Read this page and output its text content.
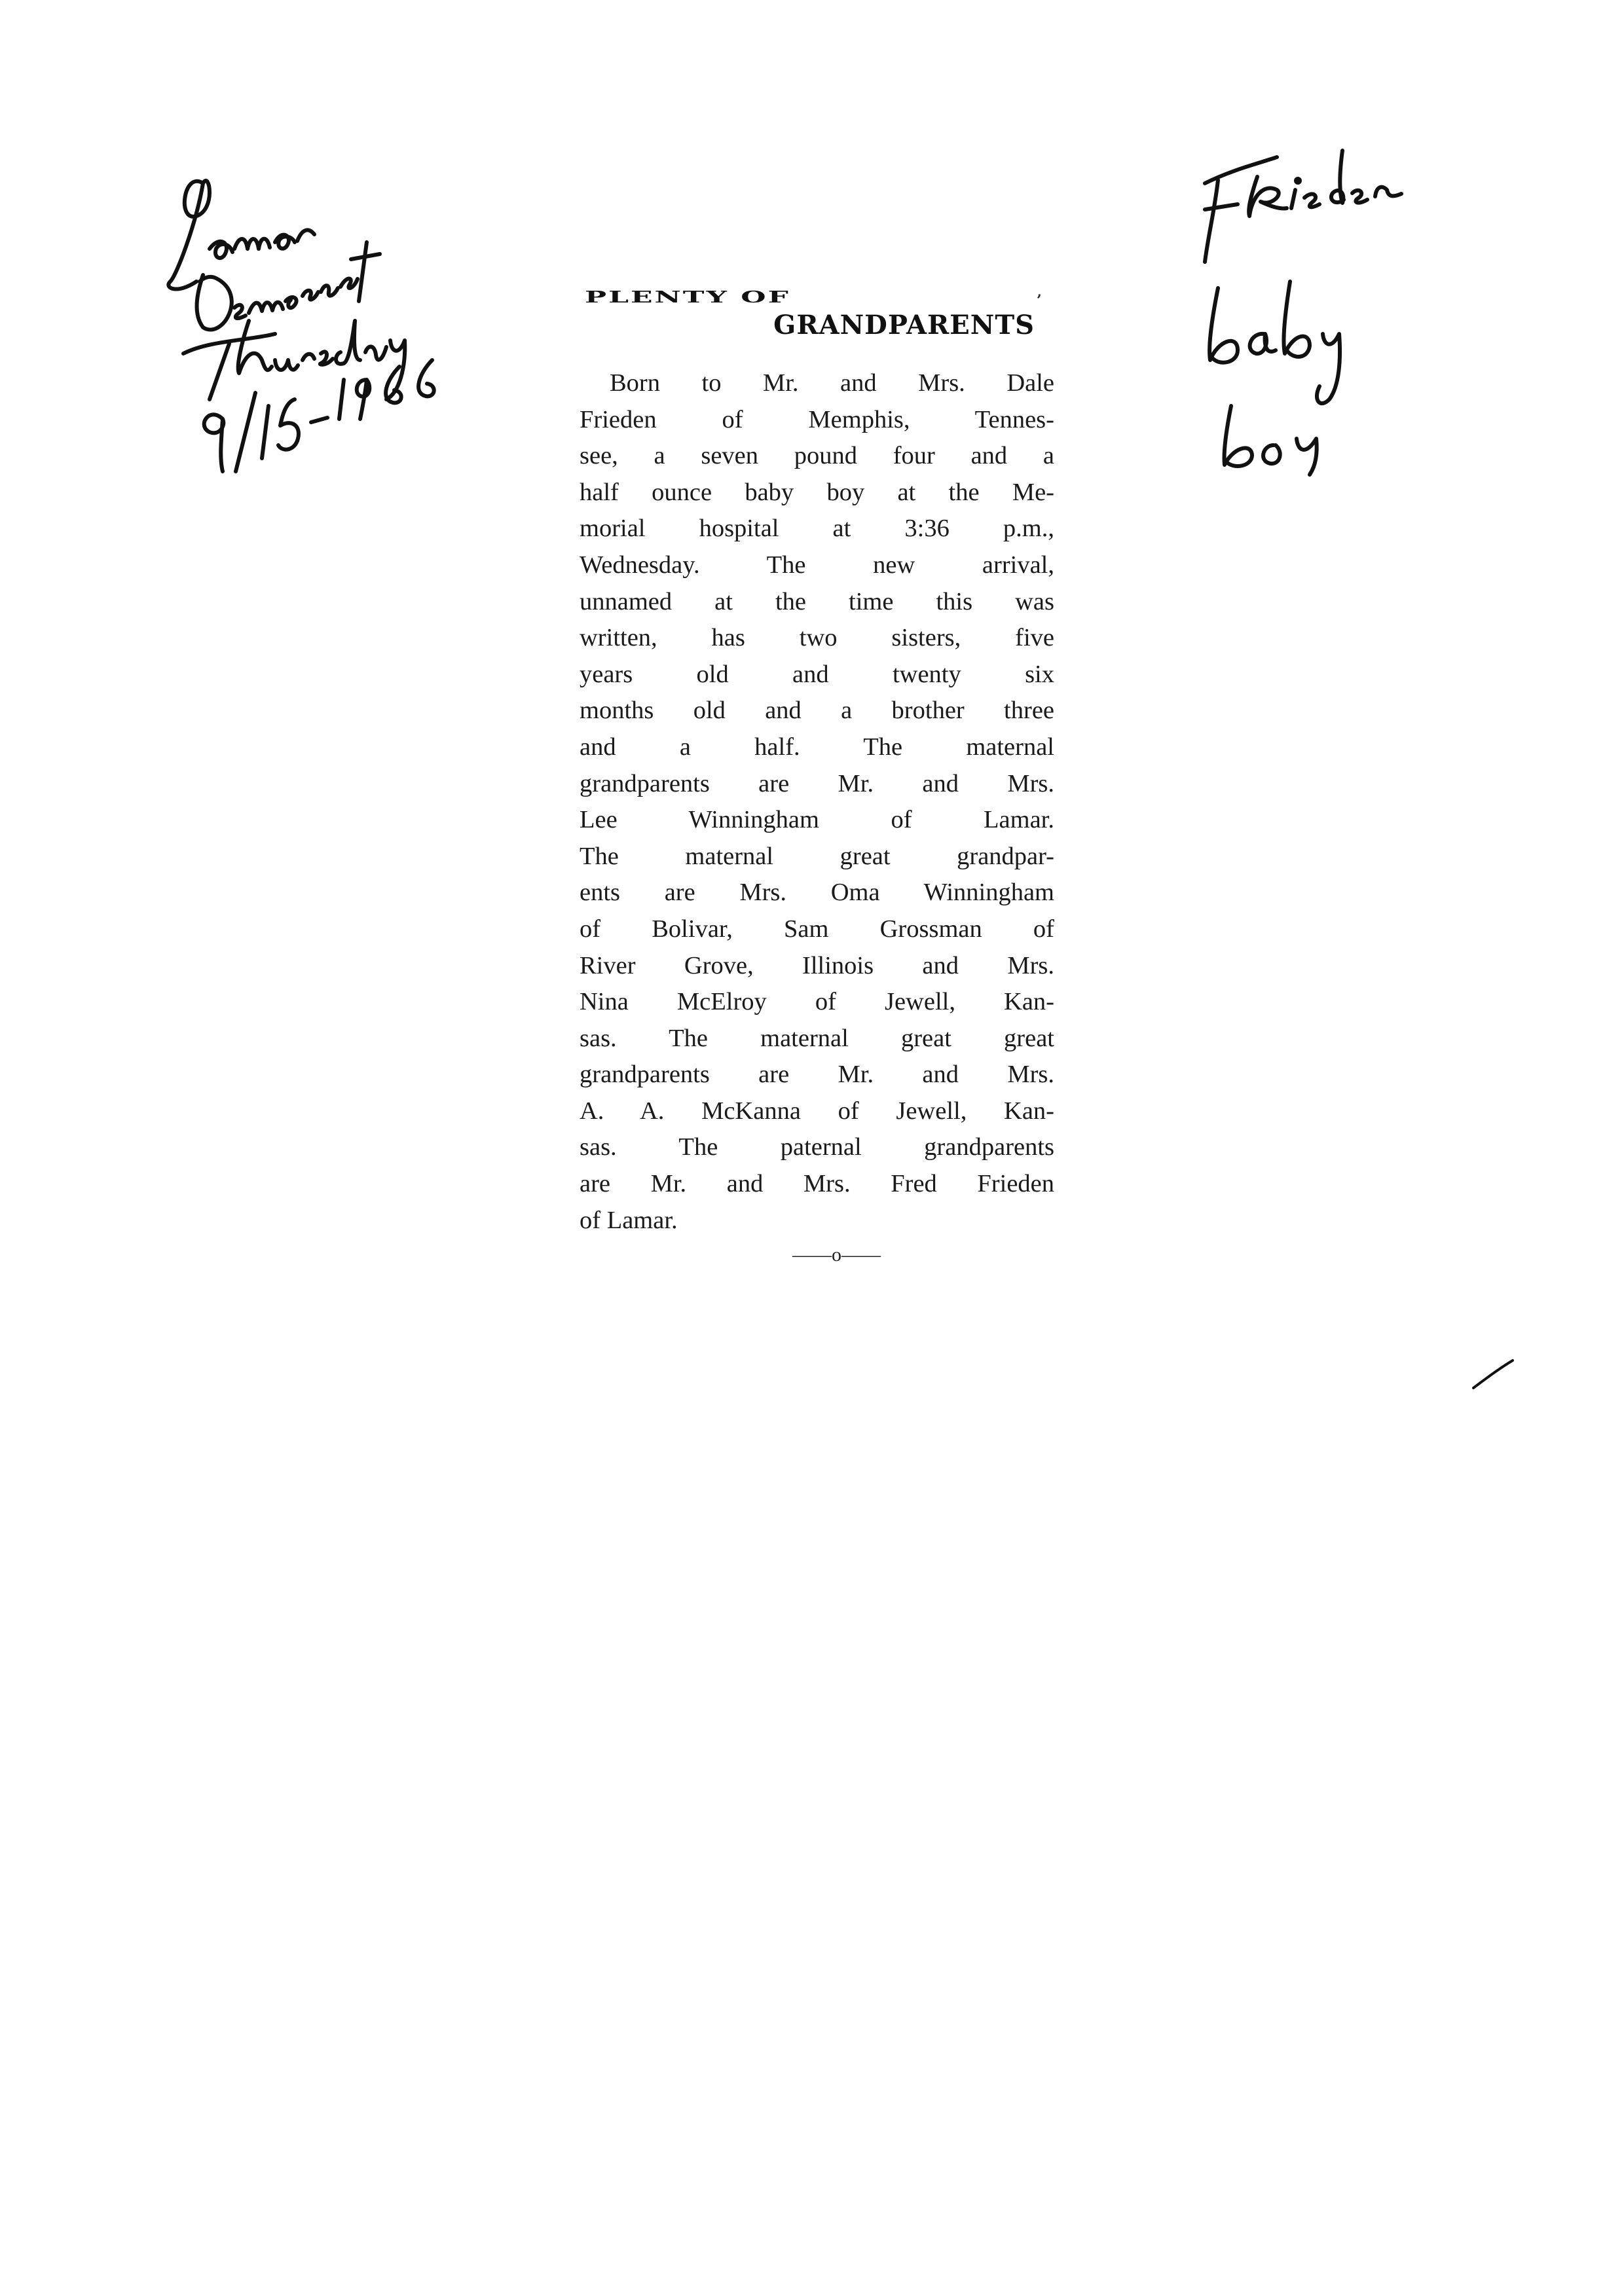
PLENTY OF
GRANDPARENTS
‚
Born to Mr. and Mrs. Dale
Frieden of Memphis, Tennes-
see, a seven pound four and a
half ounce baby boy at the Me-
morial hospital at 3:36 p.m.,
Wednesday. The new arrival,
unnamed at the time this was
written, has two sisters, five
years old and twenty six
months old and a brother three
and a half. The maternal
grandparents are Mr. and Mrs.
Lee Winningham of Lamar.
The maternal great grandpar-
ents are Mrs. Oma Winningham
of Bolivar, Sam Grossman of
River Grove, Illinois and Mrs.
Nina McElroy of Jewell, Kan-
sas. The maternal great great
grandparents are Mr. and Mrs.
A. A. McKanna of Jewell, Kan-
sas. The paternal grandparents
are Mr. and Mrs. Fred Frieden
of Lamar.
——o——
